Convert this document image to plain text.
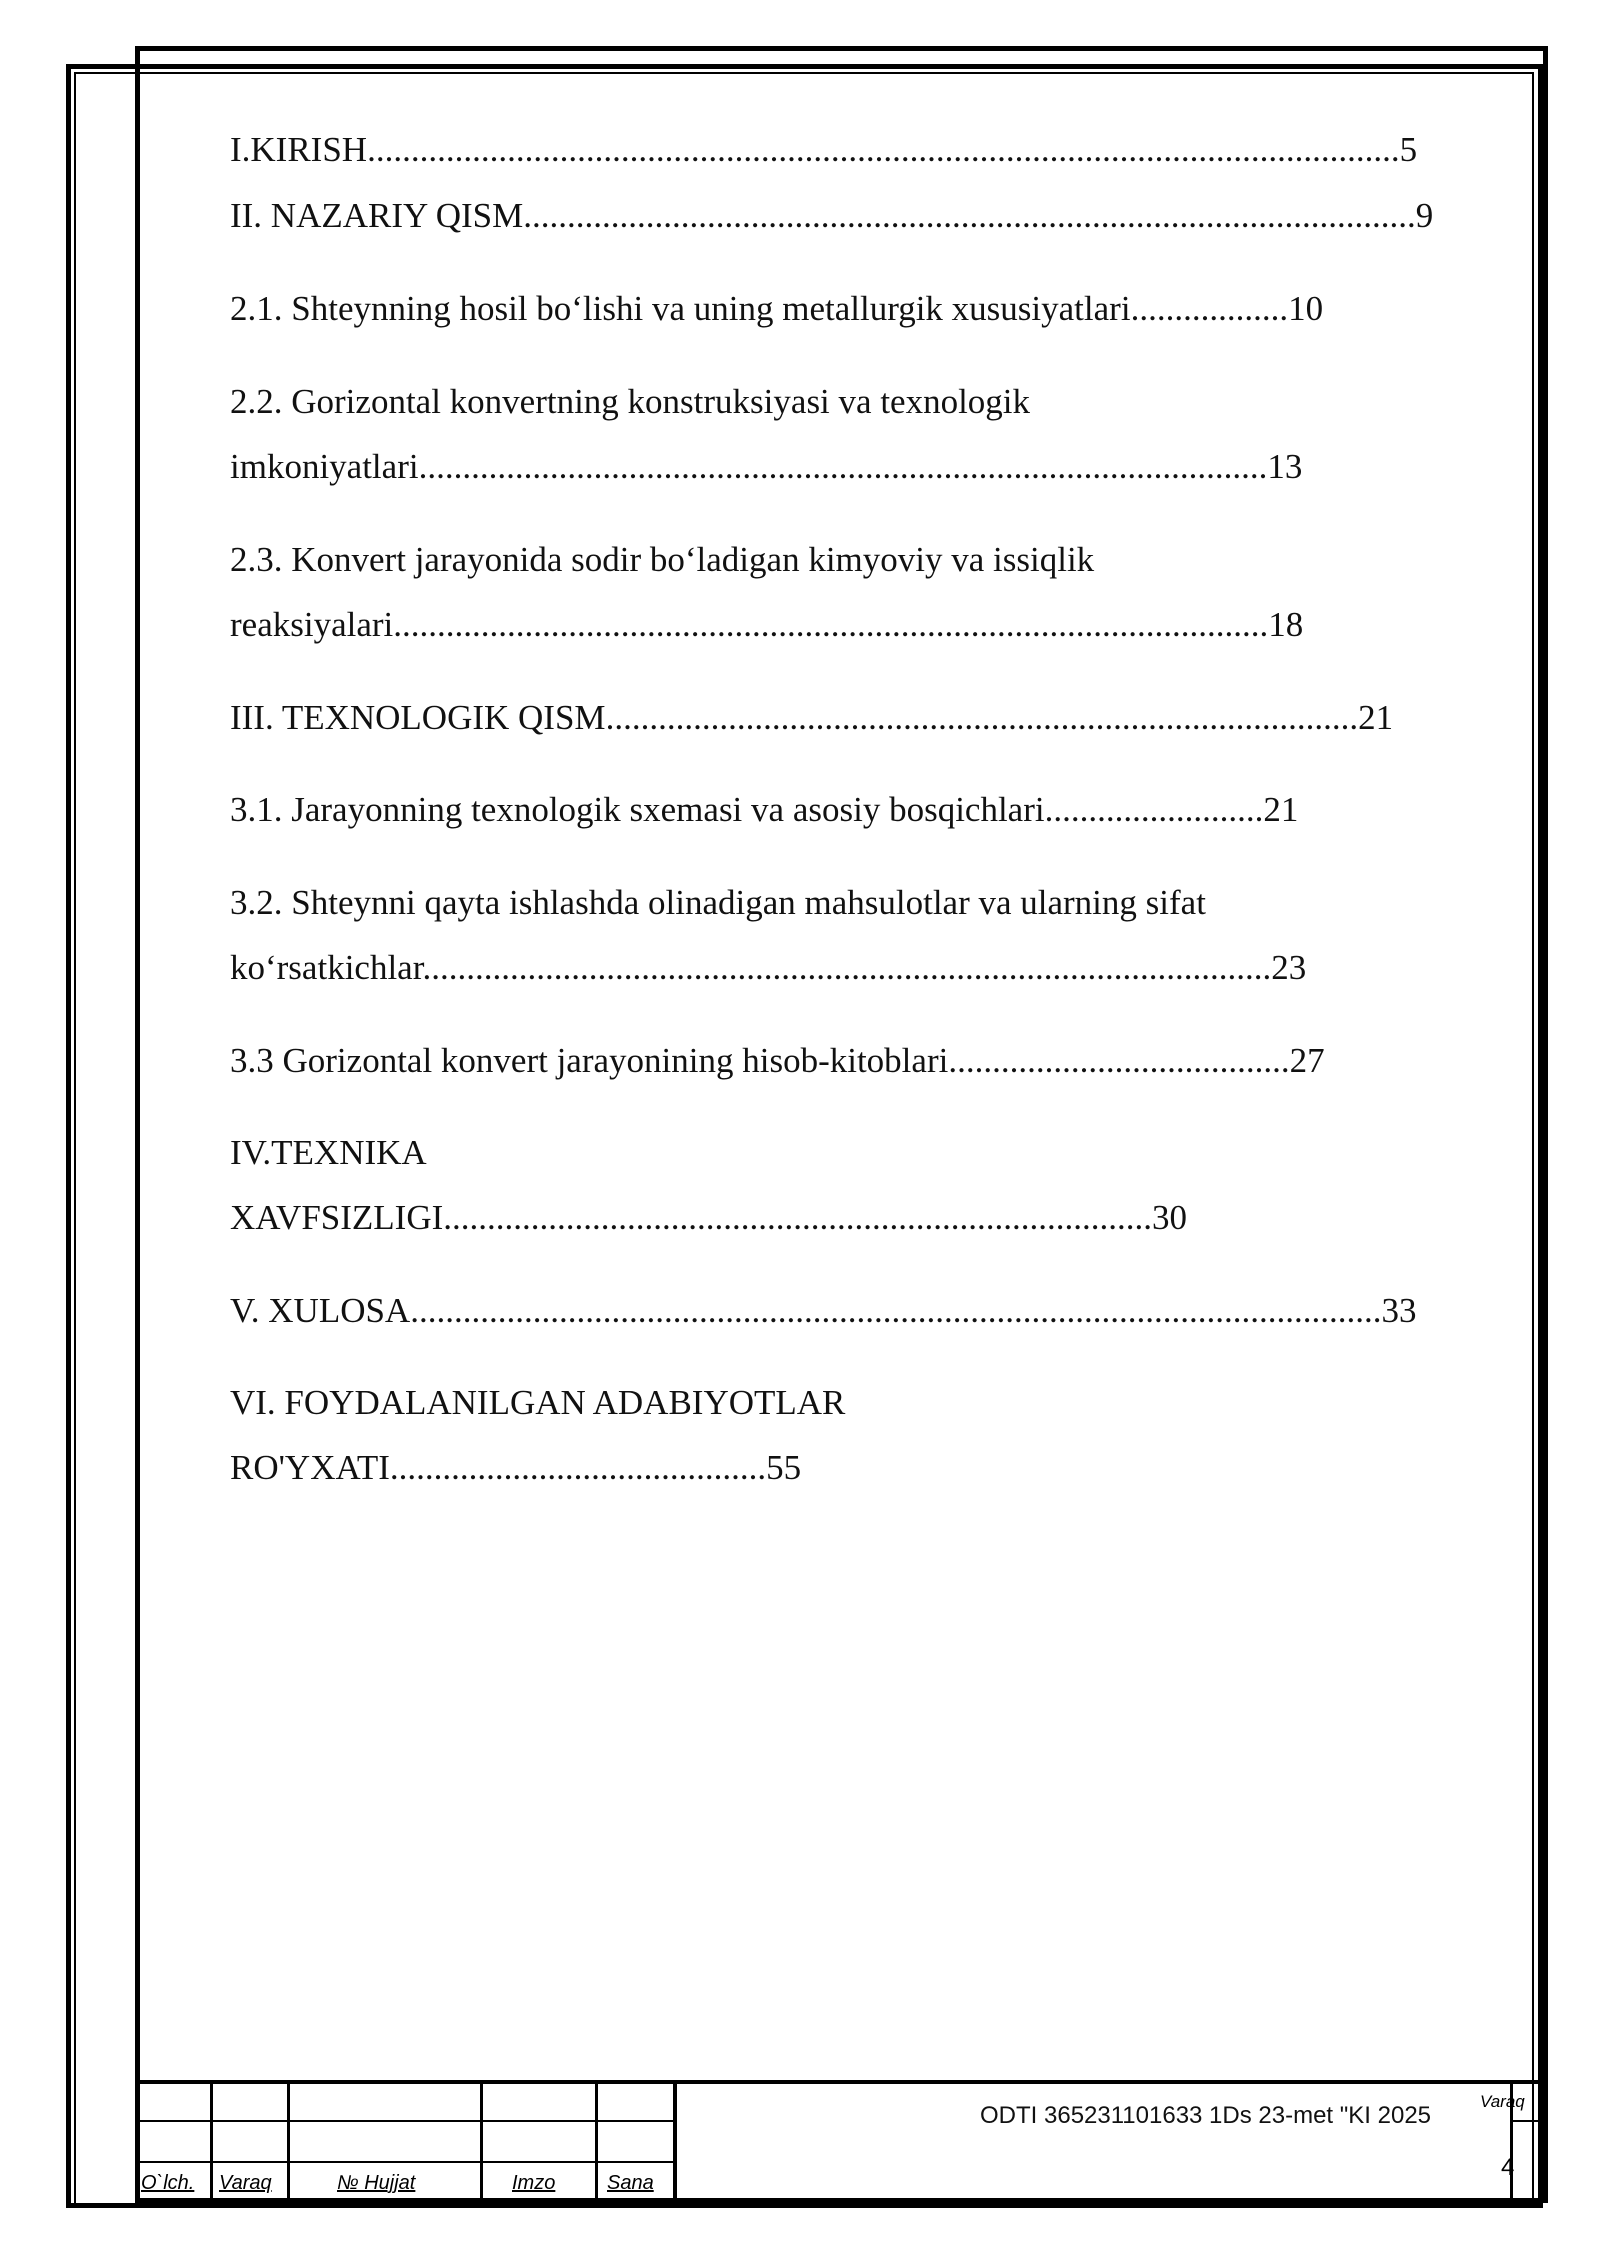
I.KIRISH......................................................................................................................5
II. NAZARIY QISM......................................................................................................9
2.1. Shteynning hosil bo‘lishi va uning metallurgik xususiyatlari..................10
2.2. Gorizontal konvertning konstruksiyasi va texnologik
imkoniyatlari.................................................................................................13
2.3. Konvert jarayonida sodir bo‘ladigan kimyoviy va issiqlik
reaksiyalari....................................................................................................18
III. TEXNOLOGIK QISM......................................................................................21
3.1. Jarayonning texnologik sxemasi va asosiy bosqichlari.........................21
3.2. Shteynni qayta ishlashda olinadigan mahsulotlar va ularning sifat
ko‘rsatkichlar.................................................................................................23
3.3 Gorizontal konvert jarayonining hisob-kitoblari.......................................27
IV.TEXNIKA
XAVFSIZLIGI.................................................................................30
V. XULOSA...............................................................................................................33
VI. FOYDALANILGAN ADABIYOTLAR
RO'YXATI...........................................55
O`lch. Varaq	№ Hujjat	Imzo	Sana
ODTI 365231101633 1Ds 23-met "KI 2025
Varaq
4
